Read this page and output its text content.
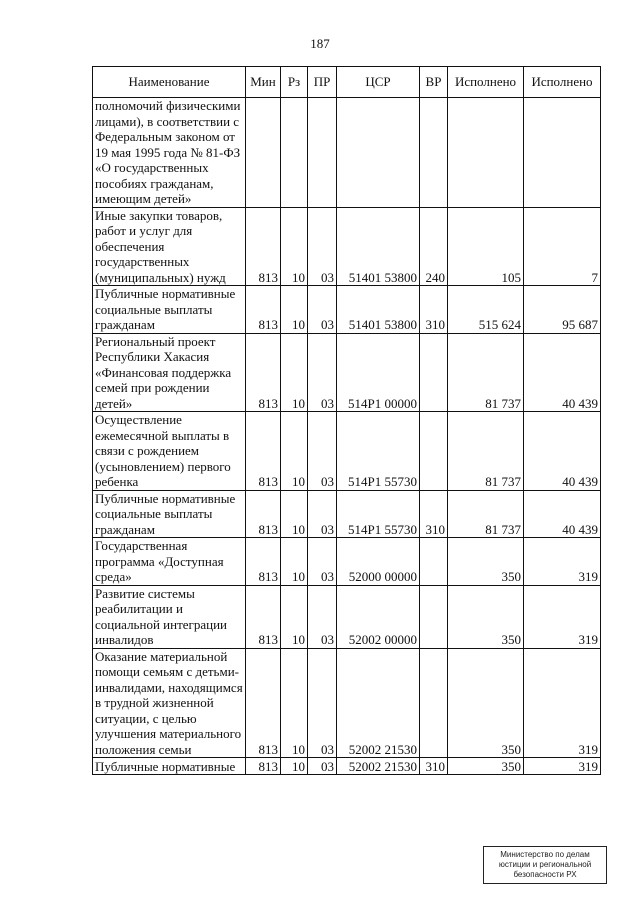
187
Наименование	Мин	Рз	ПР	ЦСР	ВР	Исполнено	Исполнено
полномочий физическими лицами), в соответствии с Федеральным законом от 19 мая 1995 года № 81-ФЗ «О государственных пособиях гражданам, имеющим детей»							
Иные закупки товаров, работ и услуг для обеспечения государственных (муниципальных) нужд	813	10	03	51401 53800	240	105	7
Публичные нормативные социальные выплаты гражданам	813	10	03	51401 53800	310	515 624	95 687
Региональный проект Республики Хакасия «Финансовая поддержка семей при рождении детей»	813	10	03	514P1 00000		81 737	40 439
Осуществление ежемесячной выплаты в связи с рождением (усыновлением) первого ребенка	813	10	03	514P1 55730		81 737	40 439
Публичные нормативные социальные выплаты гражданам	813	10	03	514P1 55730	310	81 737	40 439
Государственная программа «Доступная среда»	813	10	03	52000 00000		350	319
Развитие системы реабилитации и социальной интеграции инвалидов	813	10	03	52002 00000		350	319
Оказание материальной помощи семьям с детьми-инвалидами, находящимся в трудной жизненной ситуации, с целью улучшения материального положения семьи	813	10	03	52002 21530		350	319
Публичные нормативные	813	10	03	52002 21530	310	350	319
Министерство по делам
юстиции и региональной
безопасности РХ
